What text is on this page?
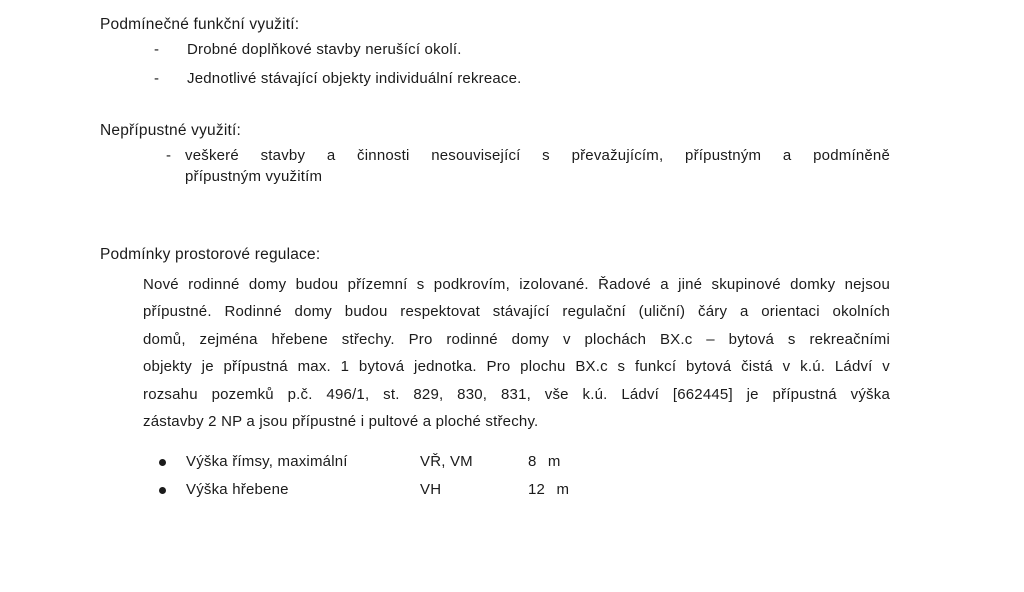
Podmínečné funkční využití:
- Drobné doplňkové stavby nerušící okolí.
- Jednotlivé stávající objekty individuální rekreace.
Nepřípustné využití:
- veškeré stavby a činnosti nesouvisející s převažujícím, přípustným a podmíněně
přípustným využitím
Podmínky prostorové regulace:
Nové rodinné domy budou přízemní s podkrovím, izolované. Řadové a jiné skupinové domky nejsou
přípustné. Rodinné domy budou respektovat stávající regulační (uliční) čáry a orientaci okolních
domů, zejména hřebene střechy. Pro rodinné domy v plochách BX.c – bytová s rekreačními
objekty je přípustná max. 1 bytová jednotka. Pro plochu BX.c s funkcí bytová čistá v k.ú. Ládví v
rozsahu pozemků p.č. 496/1, st. 829, 830, 831, vše k.ú. Ládví [662445] je přípustná výška
zástavby 2 NP a jsou přípustné i pultové a ploché střechy.
Výška římsy, maximální	VŘ, VM	8 m
Výška hřebene	VH	12 m
